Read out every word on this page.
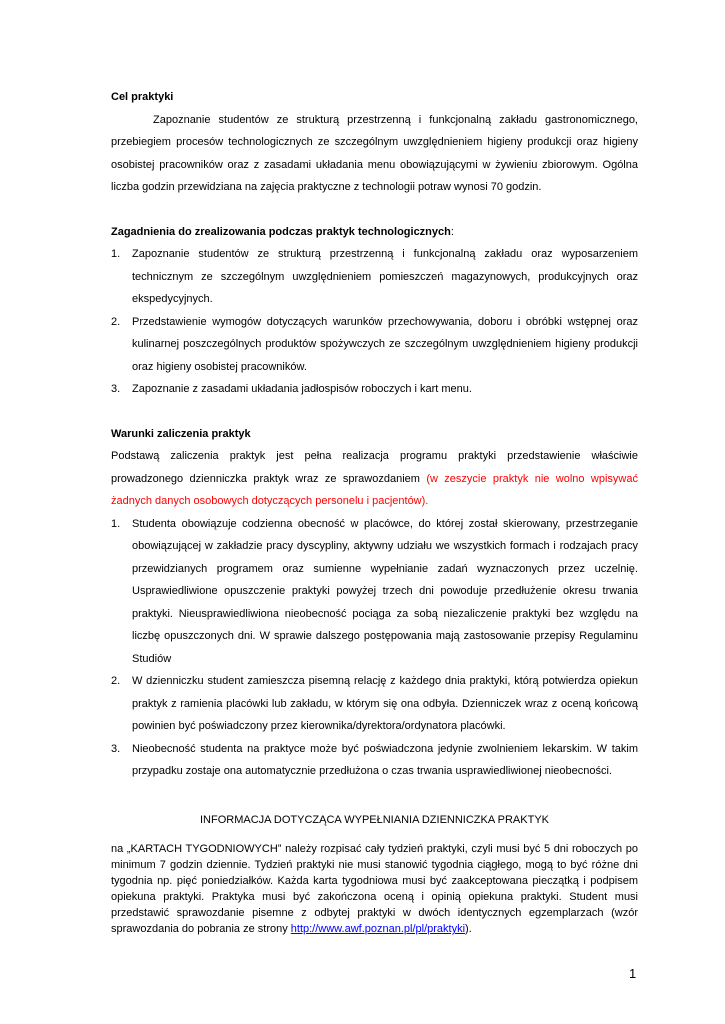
Cel praktyki

Zapoznanie studentów ze strukturą przestrzenną i funkcjonalną zakładu gastronomicznego, przebiegiem procesów technologicznych ze szczególnym uwzględnieniem higieny produkcji oraz higieny osobistej pracowników oraz z zasadami układania menu obowiązującymi w żywieniu zbiorowym. Ogólna liczba godzin przewidziana na zajęcia praktyczne z technologii potraw wynosi 70 godzin.

Zagadnienia do zrealizowania podczas praktyk technologicznych:

1. Zapoznanie studentów ze strukturą przestrzenną i funkcjonalną zakładu oraz wyposarzeniem technicznym ze szczególnym uwzględnieniem pomieszczeń magazynowych, produkcyjnych oraz ekspedycyjnych.
2. Przedstawienie wymogów dotyczących warunków przechowywania, doboru i obróbki wstępnej oraz kulinarnej poszczególnych produktów spożywczych ze szczególnym uwzględnieniem higieny produkcji oraz higieny osobistej pracowników.
3. Zapoznanie z zasadami układania jadłospisów roboczych i kart menu.

Warunki zaliczenia praktyk

Podstawą zaliczenia praktyk jest pełna realizacja programu praktyki przedstawienie właściwie prowadzonego dzienniczka praktyk wraz ze sprawozdaniem (w zeszycie praktyk nie wolno wpisywać żadnych danych osobowych dotyczących personelu i pacjentów).

1. Studenta obowiązuje codzienna obecność w placówce, do której został skierowany, przestrzeganie obowiązującej w zakładzie pracy dyscypliny, aktywny udziału we wszystkich formach i rodzajach pracy przewidzianych programem oraz sumienne wypełnianie zadań wyznaczonych przez uczelnię. Usprawiedliwione opuszczenie praktyki powyżej trzech dni powoduje przedłużenie okresu trwania praktyki. Nieusprawiedliwiona nieobecność pociąga za sobą niezaliczenie praktyki bez względu na liczbę opuszczonych dni. W sprawie dalszego postępowania mają zastosowanie przepisy Regulaminu Studiów
2. W dzienniczku student zamieszcza pisemną relację z każdego dnia praktyki, którą potwierdza opiekun praktyk z ramienia placówki lub zakładu, w którym się ona odbyła. Dzienniczek wraz z oceną końcową powinien być poświadczony przez kierownika/dyrektora/ordynatora placówki.
3. Nieobecność studenta na praktyce może być poświadczona jedynie zwolnieniem lekarskim. W takim przypadku zostaje ona automatycznie przedłużona o czas trwania usprawiedliwionej nieobecności.

INFORMACJA DOTYCZĄCA WYPEŁNIANIA DZIENNICZKA PRAKTYK

na „KARTACH TYGODNIOWYCH” należy rozpisać cały tydzień praktyki, czyli musi być 5 dni roboczych po minimum 7 godzin dziennie. Tydzień praktyki nie musi stanowić tygodnia ciągłego, mogą to być różne dni tygodnia np. pięć poniedziałków. Każda karta tygodniowa musi być zaakceptowana pieczątką i podpisem opiekuna praktyki. Praktyka musi być zakończona oceną i opinią opiekuna praktyki. Student musi przedstawić sprawozdanie pisemne z odbytej praktyki w dwóch identycznych egzemplarzach (wzór sprawozdania do pobrania ze strony http://www.awf.poznan.pl/pl/praktyki).

1
